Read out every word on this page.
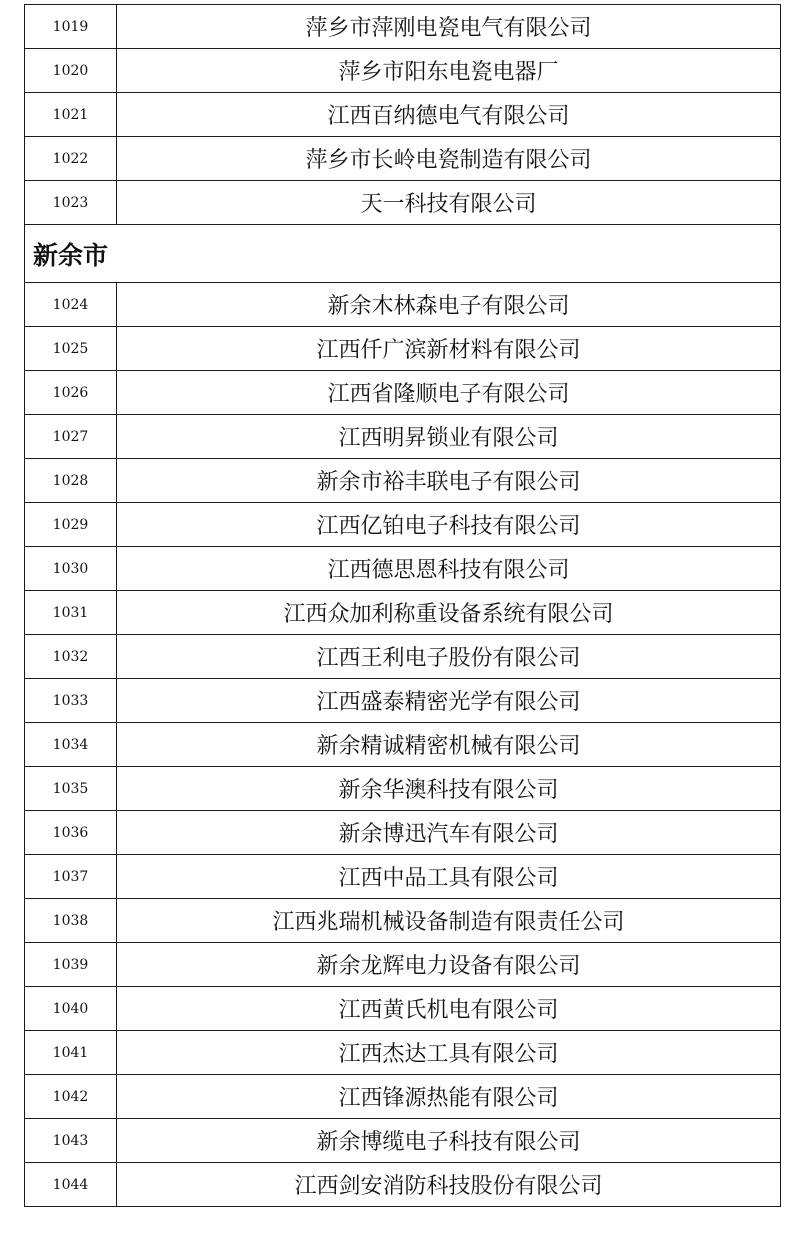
1019	萍乡市萍刚电瓷电气有限公司
1020	萍乡市阳东电瓷电器厂
1021	江西百纳德电气有限公司
1022	萍乡市长岭电瓷制造有限公司
1023	天一科技有限公司
新余市	
1024	新余木林森电子有限公司
1025	江西仟广滨新材料有限公司
1026	江西省隆顺电子有限公司
1027	江西明昇锁业有限公司
1028	新余市裕丰联电子有限公司
1029	江西亿铂电子科技有限公司
1030	江西德思恩科技有限公司
1031	江西众加利称重设备系统有限公司
1032	江西王利电子股份有限公司
1033	江西盛泰精密光学有限公司
1034	新余精诚精密机械有限公司
1035	新余华澳科技有限公司
1036	新余博迅汽车有限公司
1037	江西中品工具有限公司
1038	江西兆瑞机械设备制造有限责任公司
1039	新余龙辉电力设备有限公司
1040	江西黄氏机电有限公司
1041	江西杰达工具有限公司
1042	江西锋源热能有限公司
1043	新余博缆电子科技有限公司
1044	江西剑安消防科技股份有限公司
